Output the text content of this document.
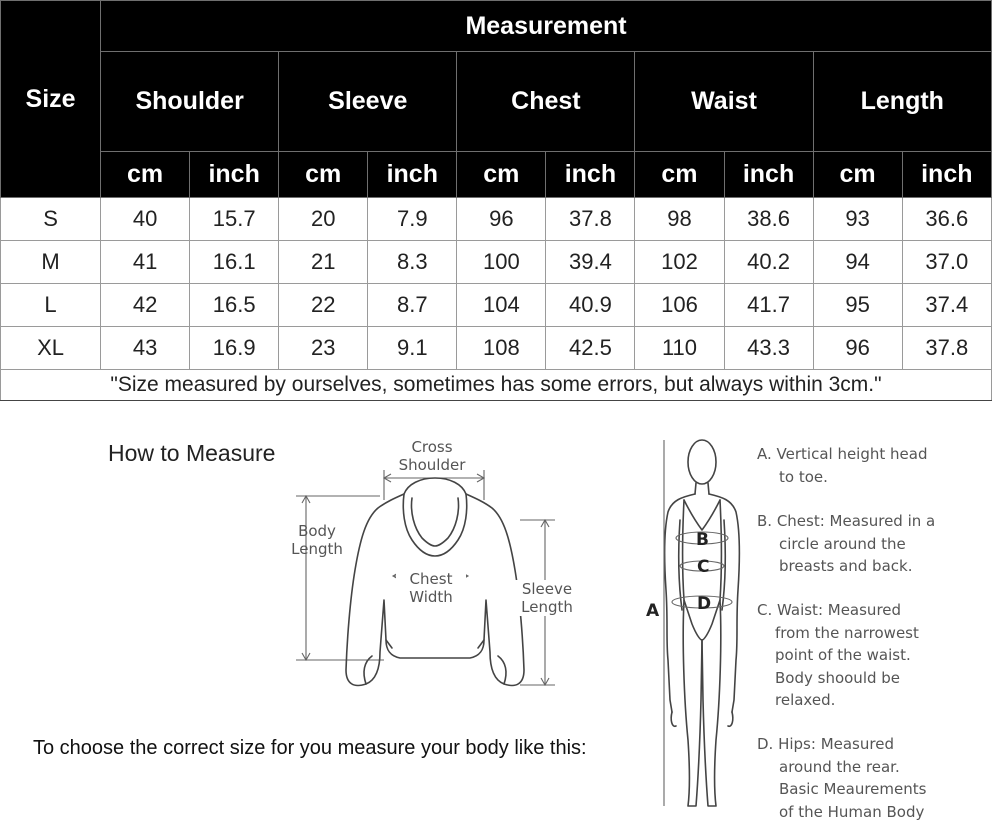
Size	Measurement									
	Shoulder		Sleeve		Chest		Waist		Length	
	cm	inch	cm	inch	cm	inch	cm	inch	cm	inch
S	40	15.7	20	7.9	96	37.8	98	38.6	93	36.6
M	41	16.1	21	8.3	100	39.4	102	40.2	94	37.0
L	42	16.5	22	8.7	104	40.9	106	41.7	95	37.4
XL	43	16.9	23	9.1	108	42.5	110	43.3	96	37.8
"Size measured by ourselves, sometimes has some errors, but always within 3cm."										
How to Measure
To choose the correct size for you measure your body like this:
Cross
Shoulder
Body
Length
Chest
Width	Sleeve
Length	A
B
C
D

A. Vertical height head

to toe.

B. Chest: Measured in a

circle around the

breasts and back.

C. Waist: Measured

from the narrowest

point of the waist.

Body shoould be

relaxed.

D. Hips: Measured

around the rear.

Basic Meaurements

of the Human Body
